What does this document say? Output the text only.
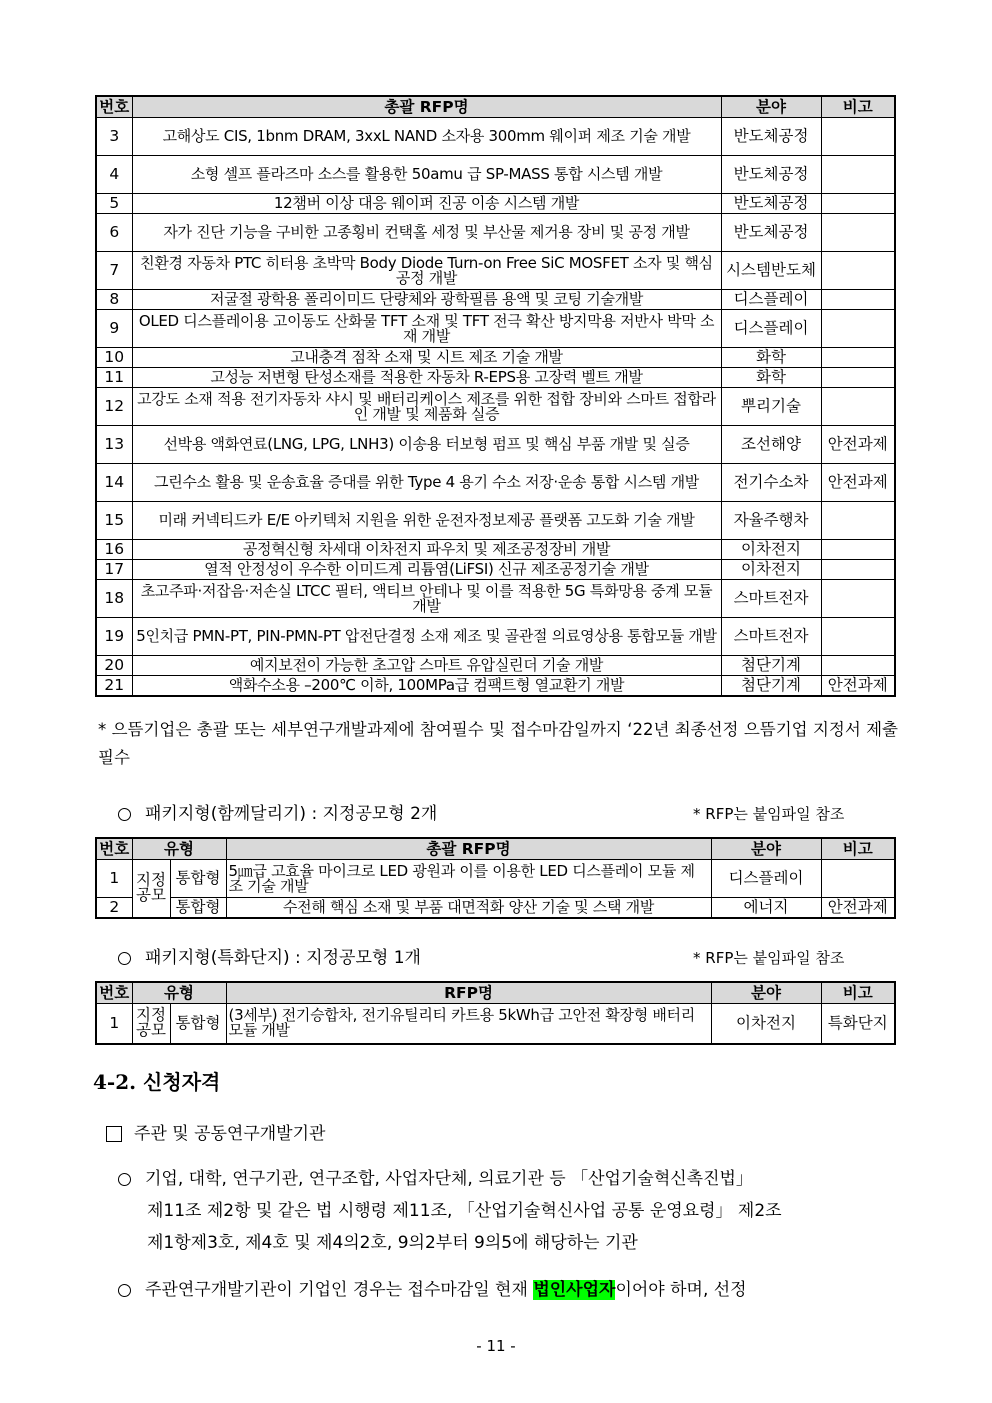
번호	총괄 RFP명	분야	비고
3	고해상도 CIS, 1bnm DRAM, 3xxL NAND 소자용 300mm 웨이퍼 제조 기술 개발	반도체공정	
4	소형 셀프 플라즈마 소스를 활용한 50amu 급 SP-MASS 통합 시스템 개발	반도체공정	
5	12챔버 이상 대응 웨이퍼 진공 이송 시스템 개발	반도체공정	
6	자가 진단 기능을 구비한 고종횡비 컨택홀 세정 및 부산물 제거용 장비 및 공정 개발	반도체공정	
7	친환경 자동차 PTC 히터용 초박막 Body Diode Turn-on Free SiC MOSFET 소자 및 핵심 공정 개발	시스템반도체	
8	저굴절 광학용 폴리이미드 단량체와 광학필름 용액 및 코팅 기술개발	디스플레이	
9	OLED 디스플레이용 고이동도 산화물 TFT 소재 및 TFT 전극 확산 방지막용 저반사 박막 소재 개발	디스플레이	
10	고내충격 점착 소재 및 시트 제조 기술 개발	화학	
11	고성능 저변형 탄성소재를 적용한 자동차 R-EPS용 고장력 벨트 개발	화학	
12	고강도 소재 적용 전기자동차 샤시 및 배터리케이스 제조를 위한 접합 장비와 스마트 접합라인 개발 및 제품화 실증	뿌리기술	
13	선박용 액화연료(LNG, LPG, LNH3) 이송용 터보형 펌프 및 핵심 부품 개발 및 실증	조선해양	안전과제
14	그린수소 활용 및 운송효율 증대를 위한 Type 4 용기 수소 저장·운송 통합 시스템 개발	전기수소차	안전과제
15	미래 커넥티드카 E/E 아키텍처 지원을 위한 운전자정보제공 플랫폼 고도화 기술 개발	자율주행차	
16	공정혁신형 차세대 이차전지 파우치 및 제조공정장비 개발	이차전지	
17	열적 안정성이 우수한 이미드계 리튬염(LiFSI) 신규 제조공정기술 개발	이차전지	
18	초고주파·저잡음·저손실 LTCC 필터, 액티브 안테나 및 이를 적용한 5G 특화망용 중계 모듈 개발	스마트전자	
19	5인치급 PMN-PT, PIN-PMN-PT 압전단결정 소재 제조 및 골관절 의료영상용 통합모듈 개발	스마트전자	
20	예지보전이 가능한 초고압 스마트 유압실린더 기술 개발	첨단기계	
21	액화수소용 –200℃ 이하, 100MPa급 컴팩트형 열교환기 개발	첨단기계	안전과제
* 으뜸기업은 총괄 또는 세부연구개발과제에 참여필수 및 접수마감일까지 ‘22년 최종선정 으뜸기업 지정서 제출필수
패키지형(함께달리기) : 지정공모형 2개	* RFP는 붙임파일 참조
번호	유형		총괄 RFP명	분야	비고
1	지정공모	통합형	5㎛급 고효율 마이크로 LED 광원과 이를 이용한 LED 디스플레이 모듈 제조 기술 개발	디스플레이	
2		통합형	수전해 핵심 소재 및 부품 대면적화 양산 기술 및 스택 개발	에너지	안전과제
패키지형(특화단지) : 지정공모형 1개	* RFP는 붙임파일 참조
번호	유형		RFP명	분야	비고
1	지정공모	통합형	(3세부) 전기승합차, 전기유틸리티 카트용 5kWh급 고안전 확장형 배터리 모듈 개발	이차전지	특화단지
4-2. 신청자격
주관 및 공동연구개발기관
기업, 대학, 연구기관, 연구조합, 사업자단체, 의료기관 등 「산업기술혁신촉진법」
제11조 제2항 및 같은 법 시행령 제11조, 「산업기술혁신사업 공통 운영요령」 제2조
제1항제3호, 제4호 및 제4의2호, 9의2부터 9의5에 해당하는 기관
주관연구개발기관이 기업인 경우는 접수마감일 현재 법인사업자이어야 하며, 선정
- 11 -
